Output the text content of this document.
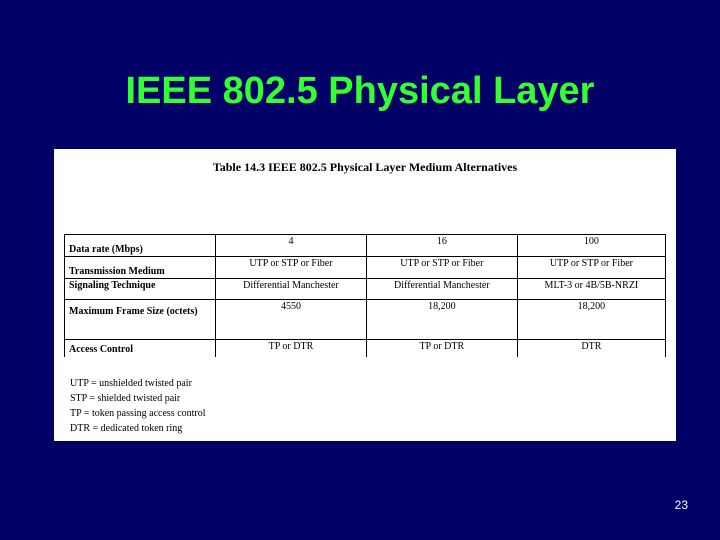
IEEE 802.5 Physical Layer
Table 14.3 IEEE 802.5 Physical Layer Medium Alternatives
Data rate (Mbps)	4	16	100
Transmission Medium	UTP or STP or Fiber	UTP or STP or Fiber	UTP or STP or Fiber
Signaling Technique	Differential Manchester	Differential Manchester	MLT-3 or 4B/5B-NRZI
Maximum Frame Size (octets)	4550	18,200	18,200
Access Control	TP or DTR	TP or DTR	DTR
UTP = unshielded twisted pair
STP = shielded twisted pair
TP = token passing access control
DTR = dedicated token ring
23
